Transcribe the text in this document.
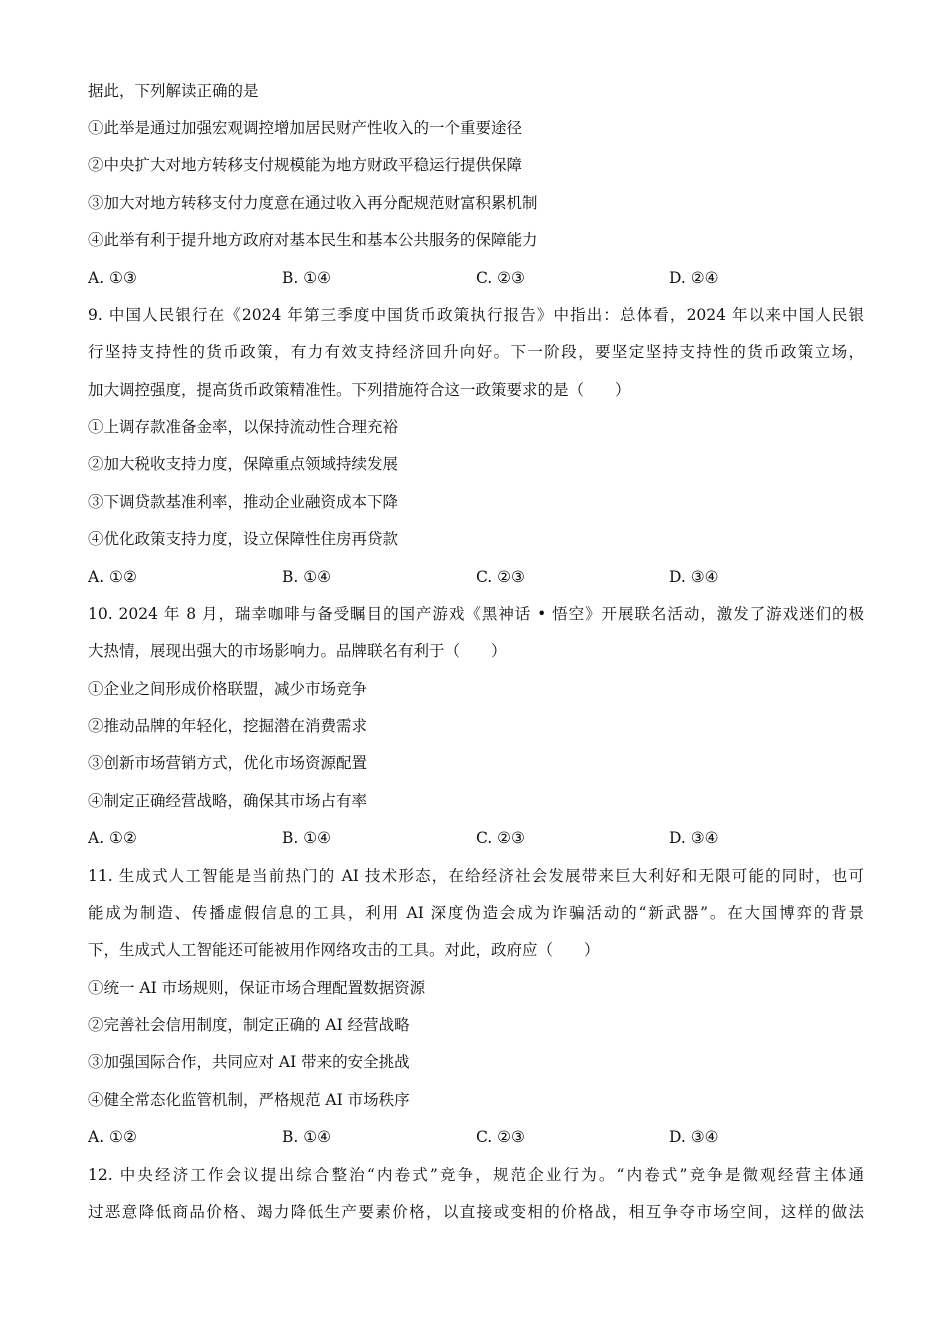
据此，下列解读正确的是
①此举是通过加强宏观调控增加居民财产性收入的一个重要途径
②中央扩大对地方转移支付规模能为地方财政平稳运行提供保障
③加大对地方转移支付力度意在通过收入再分配规范财富积累机制
④此举有利于提升地方政府对基本民生和基本公共服务的保障能力
A. ①③	B. ①④	C. ②③	D. ②④
9. 中国人民银行在《2024 年第三季度中国货币政策执行报告》中指出：总体看，2024 年以来中国人民银
行坚持支持性的货币政策，有力有效支持经济回升向好。下一阶段，要坚定坚持支持性的货币政策立场，
加大调控强度，提高货币政策精准性。下列措施符合这一政策要求的是（　　）
①上调存款准备金率，以保持流动性合理充裕
②加大税收支持力度，保障重点领域持续发展
③下调贷款基准利率，推动企业融资成本下降
④优化政策支持力度，设立保障性住房再贷款
A. ①②	B. ①④	C. ②③	D. ③④
10. 2024 年 8 月，瑞幸咖啡与备受瞩目的国产游戏《黑神话 • 悟空》开展联名活动，激发了游戏迷们的极
大热情，展现出强大的市场影响力。品牌联名有利于（　　）
①企业之间形成价格联盟，减少市场竞争
②推动品牌的年轻化，挖掘潜在消费需求
③创新市场营销方式，优化市场资源配置
④制定正确经营战略，确保其市场占有率
A. ①②	B. ①④	C. ②③	D. ③④
11. 生成式人工智能是当前热门的 AI 技术形态，在给经济社会发展带来巨大利好和无限可能的同时，也可
能成为制造、传播虚假信息的工具，利用 AI 深度伪造会成为诈骗活动的“新武器”。在大国博弈的背景
下，生成式人工智能还可能被用作网络攻击的工具。对此，政府应（　　）
①统一 AI 市场规则，保证市场合理配置数据资源
②完善社会信用制度，制定正确的 AI 经营战略
③加强国际合作，共同应对 AI 带来的安全挑战
④健全常态化监管机制，严格规范 AI 市场秩序
A. ①②	B. ①④	C. ②③	D. ③④
12. 中央经济工作会议提出综合整治“内卷式”竞争，规范企业行为。“内卷式”竞争是微观经营主体通
过恶意降低商品价格、竭力降低生产要素价格，以直接或变相的价格战，相互争夺市场空间，这样的做法
